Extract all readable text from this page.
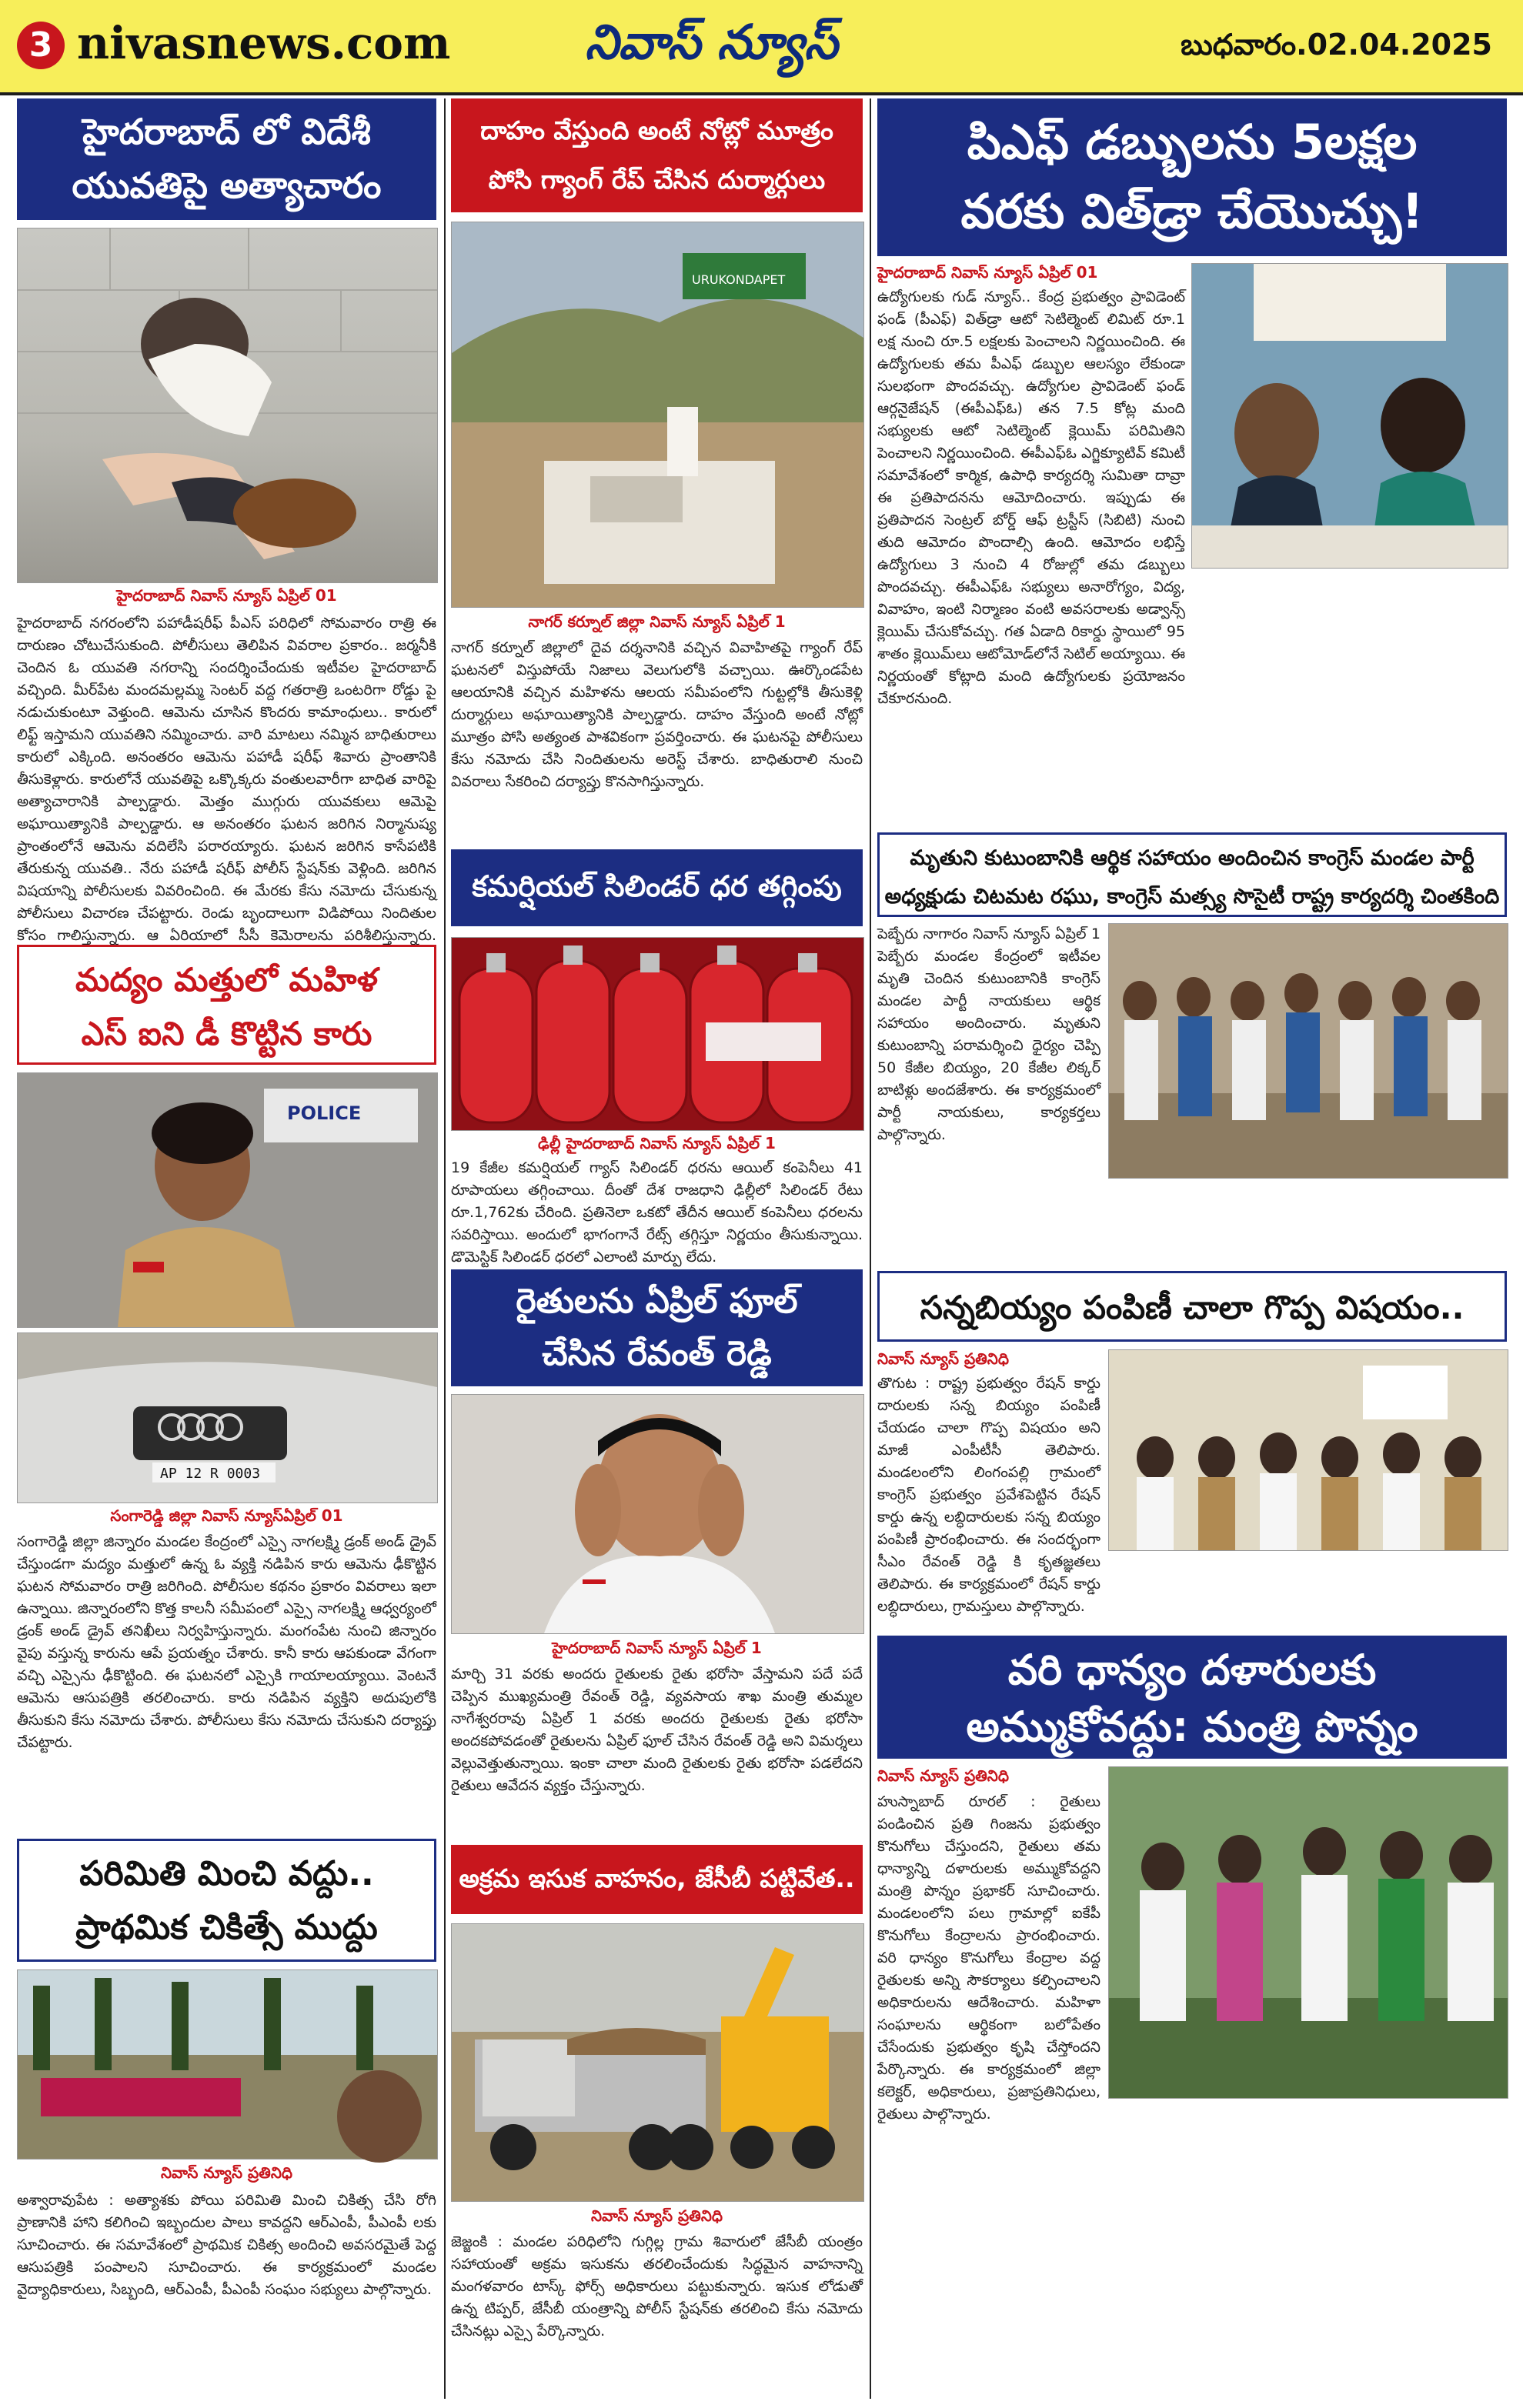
3 nivasnews.com	నివాస్ న్యూస్	బుధవారం.02.04.2025
హైదరాబాద్ లో విదేశీ
యువతిపై అత్యాచారం
హైదరాబాద్ నివాస్ న్యూస్ ఏప్రిల్ 01
హైదరాబాద్ నగరంలోని పహాడీషరీఫ్ పీఎస్ పరిధిలో సోమవారం రాత్రి ఈ దారుణం చోటుచేసుకుంది. పోలీసులు తెలిపిన వివరాల ప్రకారం.. జర్మనీకి చెందిన ఓ యువతి నగరాన్ని సందర్శించేందుకు ఇటీవల హైదరాబాద్ వచ్చింది. మీర్‌పేట మందమల్లమ్మ సెంటర్ వద్ద గతరాత్రి ఒంటరిగా రోడ్డు పై నడుచుకుంటూ వెళ్తుంది. ఆమెను చూసిన కొందరు కామాంధులు.. కారులో లిఫ్ట్ ఇస్తామని యువతిని నమ్మించారు. వారి మాటలు నమ్మిన బాధితురాలు కారులో ఎక్కింది. అనంతరం ఆమెను పహాడీ షరీఫ్ శివారు ప్రాంతానికి తీసుకెళ్లారు. కారులోనే యువతిపై ఒక్కొక్కరు వంతులవారీగా బాధిత వారిపై అత్యాచారానికి పాల్పడ్డారు. మెత్తం ముగ్గురు యువకులు ఆమెపై అఘాయిత్యానికి పాల్పడ్డారు. ఆ అనంతరం ఘటన జరిగిన నిర్మానుష్య ప్రాంతంలోనే ఆమెను వదిలేసి పరారయ్యారు. ఘటన జరిగిన కాసేపటికి తేరుకున్న యువతి.. నేరు పహాడీ షరీఫ్ పోలీస్ స్టేషన్‌కు వెళ్లింది. జరిగిన విషయాన్ని పోలీసులకు వివరించింది. ఈ మేరకు కేసు నమోదు చేసుకున్న పోలీసులు విచారణ చేపట్టారు. రెండు బృందాలుగా విడిపోయి నిందితుల కోసం గాలిస్తున్నారు. ఆ ఏరియాలో సీసీ కెమెరాలను పరిశీలిస్తున్నారు.
మద్యం మత్తులో మహిళ
ఎస్ ఐని డీ కొట్టిన కారు
POLICE
AP 12 R 0003
సంగారెడ్డి జిల్లా నివాస్ న్యూస్ఏప్రిల్ 01
సంగారెడ్డి జిల్లా జిన్నారం మండల కేంద్రంలో ఎస్సై నాగలక్ష్మి డ్రంక్ అండ్ డ్రైవ్ చేస్తుండగా మద్యం మత్తులో ఉన్న ఓ వ్యక్తి నడిపిన కారు ఆమెను ఢీకొట్టిన ఘటన సోమవారం రాత్రి జరిగింది. పోలీసుల కథనం ప్రకారం వివరాలు ఇలా ఉన్నాయి. జిన్నారంలోని కొత్త కాలనీ సమీపంలో ఎస్సై నాగలక్ష్మి ఆధ్వర్యంలో డ్రంక్ అండ్ డ్రైవ్ తనిఖీలు నిర్వహిస్తున్నారు. మంగంపేట నుంచి జిన్నారం వైపు వస్తున్న కారును ఆపే ప్రయత్నం చేశారు. కానీ కారు ఆపకుండా వేగంగా వచ్చి ఎస్సైను ఢీకొట్టింది. ఈ ఘటనలో ఎస్సైకి గాయాలయ్యాయి. వెంటనే ఆమెను ఆసుపత్రికి తరలించారు. కారు నడిపిన వ్యక్తిని అదుపులోకి తీసుకుని కేసు నమోదు చేశారు. పోలీసులు కేసు నమోదు చేసుకుని దర్యాప్తు చేపట్టారు.
పరిమితి మించి వద్దు..
ప్రాథమిక చికిత్సే ముద్దు
నివాస్ న్యూస్ ప్రతినిధి
అశ్వారావుపేట : అత్యాశకు పోయి పరిమితి మించి చికిత్స చేసి రోగి ప్రాణానికి హాని కలిగించి ఇబ్బందుల పాలు కావద్దని ఆర్ఎంపీ, పీఎంపీ లకు సూచించారు. ఈ సమావేశంలో ప్రాథమిక చికిత్స అందించి అవసరమైతే పెద్ద ఆసుపత్రికి పంపాలని సూచించారు. ఈ కార్యక్రమంలో మండల వైద్యాధికారులు, సిబ్బంది, ఆర్ఎంపీ, పీఎంపీ సంఘం సభ్యులు పాల్గొన్నారు.
దాహం వేస్తుంది అంటే నోట్లో మూత్రం
పోసి గ్యాంగ్ రేప్ చేసిన దుర్మార్గులు
URUKONDAPET
నాగర్ కర్నూల్ జిల్లా నివాస్ న్యూస్ ఏప్రిల్ 1
నాగర్ కర్నూల్ జిల్లాలో దైవ దర్శనానికి వచ్చిన వివాహితపై గ్యాంగ్ రేప్ ఘటనలో విస్తుపోయే నిజాలు వెలుగులోకి వచ్చాయి. ఊర్కొండపేట ఆలయానికి వచ్చిన మహిళను ఆలయ సమీపంలోని గుట్టల్లోకి తీసుకెళ్లి దుర్మార్గులు అఘాయిత్యానికి పాల్పడ్డారు. దాహం వేస్తుంది అంటే నోట్లో మూత్రం పోసి అత్యంత పాశవికంగా ప్రవర్తించారు. ఈ ఘటనపై పోలీసులు కేసు నమోదు చేసి నిందితులను అరెస్ట్ చేశారు. బాధితురాలి నుంచి వివరాలు సేకరించి దర్యాప్తు కొనసాగిస్తున్నారు.
కమర్షియల్ సిలిండర్ ధర తగ్గింపు
ఢిల్లీ హైదరాబాద్ నివాస్ న్యూస్ ఏప్రిల్ 1
19 కేజీల కమర్షియల్ గ్యాస్ సిలిండర్ ధరను ఆయిల్ కంపెనీలు 41 రూపాయలు తగ్గించాయి. దీంతో దేశ రాజధాని ఢిల్లీలో సిలిండర్ రేటు రూ.1,762కు చేరింది. ప్రతినెలా ఒకటో తేదీన ఆయిల్ కంపెనీలు ధరలను సవరిస్తాయి. అందులో భాగంగానే రేట్స్ తగ్గిస్తూ నిర్ణయం తీసుకున్నాయి. డొమెస్టిక్ సిలిండర్ ధరలో ఎలాంటి మార్పు లేదు.
రైతులను ఏప్రిల్ ఫూల్
చేసిన రేవంత్ రెడ్డి
హైదరాబాద్ నివాస్ న్యూస్ ఏప్రిల్ 1
మార్చి 31 వరకు అందరు రైతులకు రైతు భరోసా వేస్తామని పదే పదే చెప్పిన ముఖ్యమంత్రి రేవంత్ రెడ్డి, వ్యవసాయ శాఖ మంత్రి తుమ్మల నాగేశ్వరరావు ఏప్రిల్ 1 వరకు అందరు రైతులకు రైతు భరోసా అందకపోవడంతో రైతులను ఏప్రిల్ ఫూల్ చేసిన రేవంత్ రెడ్డి అని విమర్శలు వెల్లువెత్తుతున్నాయి. ఇంకా చాలా మంది రైతులకు రైతు భరోసా పడలేదని రైతులు ఆవేదన వ్యక్తం చేస్తున్నారు.
అక్రమ ఇసుక వాహనం, జేసీబీ పట్టివేత..
నివాస్ న్యూస్ ప్రతినిధి
జెజ్జంకి : మండల పరిధిలోని గుగ్గిల్ల గ్రామ శివారులో జేసీబీ యంత్రం సహాయంతో అక్రమ ఇసుకను తరలించేందుకు సిద్ధమైన వాహనాన్ని మంగళవారం టాస్క్ ఫోర్స్ అధికారులు పట్టుకున్నారు. ఇసుక లోడుతో ఉన్న టిప్పర్, జేసీబీ యంత్రాన్ని పోలీస్ స్టేషన్‌కు తరలించి కేసు నమోదు చేసినట్లు ఎస్సై పేర్కొన్నారు.
పిఎఫ్ డబ్బులను 5లక్షల
వరకు విత్‌డ్రా చేయొచ్చు!
హైదరాబాద్ నివాస్ న్యూస్ ఏప్రిల్ 01
ఉద్యోగులకు గుడ్ న్యూస్.. కేంద్ర ప్రభుత్వం ప్రావిడెంట్ ఫండ్ (పీఎఫ్) విత్‌డ్రా ఆటో సెటిల్మెంట్ లిమిట్ రూ.1 లక్ష నుంచి రూ.5 లక్షలకు పెంచాలని నిర్ణయించింది. ఈ ఉద్యోగులకు తమ పీఎఫ్ డబ్బుల ఆలస్యం లేకుండా సులభంగా పొందవచ్చు. ఉద్యోగుల ప్రావిడెంట్ ఫండ్ ఆర్గనైజేషన్ (ఈపీఎఫ్ఓ) తన 7.5 కోట్ల మంది సభ్యులకు ఆటో సెటిల్మెంట్ క్లెయిమ్ పరిమితిని పెంచాలని నిర్ణయించింది. ఈపీఎఫ్ఓ ఎగ్జిక్యూటివ్ కమిటీ సమావేశంలో కార్మిక, ఉపాధి కార్యదర్శి సుమితా దావ్రా ఈ ప్రతిపాదనను ఆమోదించారు. ఇప్పుడు ఈ ప్రతిపాదన సెంట్రల్ బోర్డ్ ఆఫ్ ట్రస్టీస్ (సిబిటి) నుంచి తుది ఆమోదం పొందాల్సి ఉంది. ఆమోదం లభిస్తే ఉద్యోగులు 3 నుంచి 4 రోజుల్లో తమ డబ్బులు పొందవచ్చు. ఈపీఎఫ్ఓ సభ్యులు అనారోగ్యం, విద్య, వివాహం, ఇంటి నిర్మాణం వంటి అవసరాలకు అడ్వాన్స్ క్లెయిమ్ చేసుకోవచ్చు. గత ఏడాది రికార్డు స్థాయిలో 95 శాతం క్లెయిమ్‌లు ఆటోమోడ్‌లోనే సెటిల్ అయ్యాయి. ఈ నిర్ణయంతో కోట్లాది మంది ఉద్యోగులకు ప్రయోజనం చేకూరనుంది.
మృతుని కుటుంబానికి ఆర్థిక సహాయం అందించిన కాంగ్రెస్ మండల పార్టీ
అధ్యక్షుడు చిటమట రఘు, కాంగ్రెస్ మత్స్య సొసైటీ రాష్ట్ర కార్యదర్శి చింతకింది
పెబ్బేరు నాగారం నివాస్ న్యూస్ ఏప్రిల్ 1 పెబ్బేరు మండల కేంద్రంలో ఇటీవల మృతి చెందిన కుటుంబానికి కాంగ్రెస్ మండల పార్టీ నాయకులు ఆర్థిక సహాయం అందించారు. మృతుని కుటుంబాన్ని పరామర్శించి ధైర్యం చెప్పి 50 కేజీల బియ్యం, 20 కేజీల లిక్కర్ బాటిళ్లు అందజేశారు. ఈ కార్యక్రమంలో పార్టీ నాయకులు, కార్యకర్తలు పాల్గొన్నారు.
సన్నబియ్యం పంపిణీ చాలా గొప్ప విషయం..
నివాస్ న్యూస్ ప్రతినిధి
తొగుట : రాష్ట్ర ప్రభుత్వం రేషన్ కార్డు దారులకు సన్న బియ్యం పంపిణీ చేయడం చాలా గొప్ప విషయం అని మాజీ ఎంపీటీసీ తెలిపారు. మండలంలోని లింగంపల్లి గ్రామంలో కాంగ్రెస్ ప్రభుత్వం ప్రవేశపెట్టిన రేషన్ కార్డు ఉన్న లబ్ధిదారులకు సన్న బియ్యం పంపిణీ ప్రారంభించారు. ఈ సందర్భంగా సీఎం రేవంత్ రెడ్డి కి కృతజ్ఞతలు తెలిపారు. ఈ కార్యక్రమంలో రేషన్ కార్డు లబ్ధిదారులు, గ్రామస్తులు పాల్గొన్నారు.
వరి ధాన్యం దళారులకు
అమ్ముకోవద్దు: మంత్రి పొన్నం
నివాస్ న్యూస్ ప్రతినిధి
హుస్నాబాద్ రూరల్ : రైతులు పండించిన ప్రతి గింజను ప్రభుత్వం కొనుగోలు చేస్తుందని, రైతులు తమ ధాన్యాన్ని దళారులకు అమ్ముకోవద్దని మంత్రి పొన్నం ప్రభాకర్ సూచించారు. మండలంలోని పలు గ్రామాల్లో ఐకేపీ కొనుగోలు కేంద్రాలను ప్రారంభించారు. వరి ధాన్యం కొనుగోలు కేంద్రాల వద్ద రైతులకు అన్ని సౌకర్యాలు కల్పించాలని అధికారులను ఆదేశించారు. మహిళా సంఘాలను ఆర్థికంగా బలోపేతం చేసేందుకు ప్రభుత్వం కృషి చేస్తోందని పేర్కొన్నారు. ఈ కార్యక్రమంలో జిల్లా కలెక్టర్, అధికారులు, ప్రజాప్రతినిధులు, రైతులు పాల్గొన్నారు.
